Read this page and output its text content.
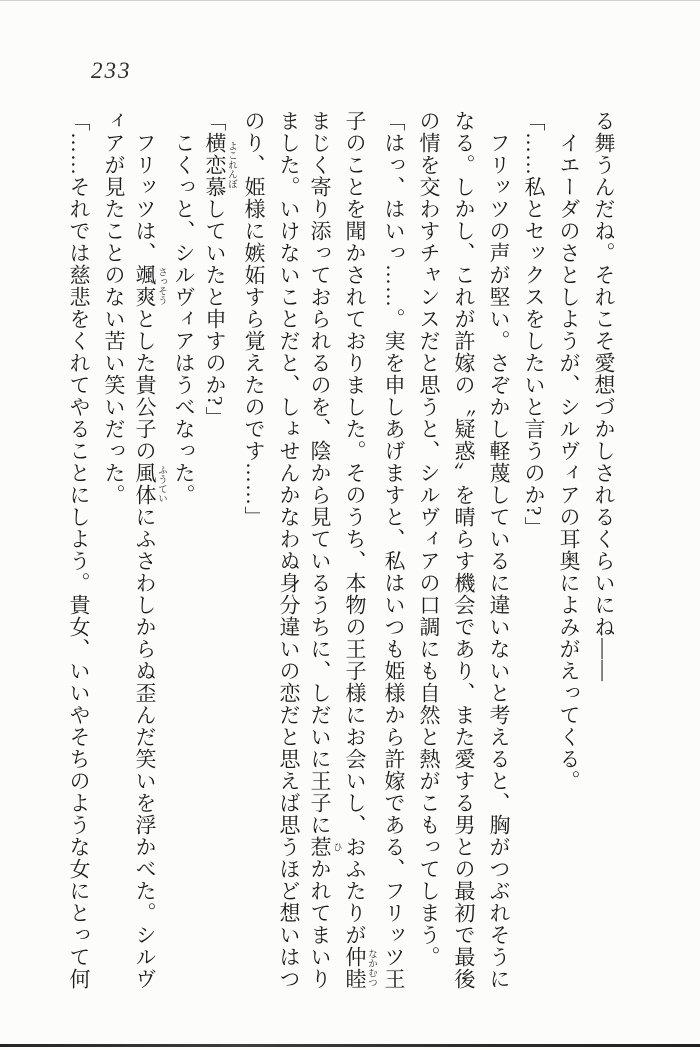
233
る舞うんだね。それこそ愛想づかしされるくらいにね——
イエーダのさとしようが、シルヴィアの耳奥によみがえってくる。
「……私とセックスをしたいと言うのか?」
フリッツの声が堅い。さぞかし軽蔑しているに違いないと考えると、胸がつぶれそうに
なる。しかし、これが許嫁の〝疑惑〟を晴らす機会であり、また愛する男との最初で最後
の情を交わすチャンスだと思うと、シルヴィアの口調にも自然と熱がこもってしまう。
「はっ、はいっ……。実を申しあげますと、私はいつも姫様から許嫁である、フリッツ王
子のことを聞かされておりました。そのうち、本物の王子様にお会いし、おふたりが仲睦 なかむつ
まじく寄り添っておられるのを、陰から見ているうちに、しだいに王子に惹 ひかれてまいり
ました。いけないことだと、しょせんかなわぬ身分違いの恋だと思えば思うほど想いはつ
のり、姫様に嫉妬すら覚えたのです……」
「横恋慕 よこれんぼしていたと申すのか?」
こくっと、シルヴィアはうべなった。
フリッツは、颯爽 さっそうとした貴公子の風体 ふうていにふさわしからぬ歪んだ笑いを浮かべた。シルヴ
ィアが見たことのない苦い笑いだった。
「……それでは慈悲をくれてやることにしよう。貴女、いいやそちのような女にとって何
